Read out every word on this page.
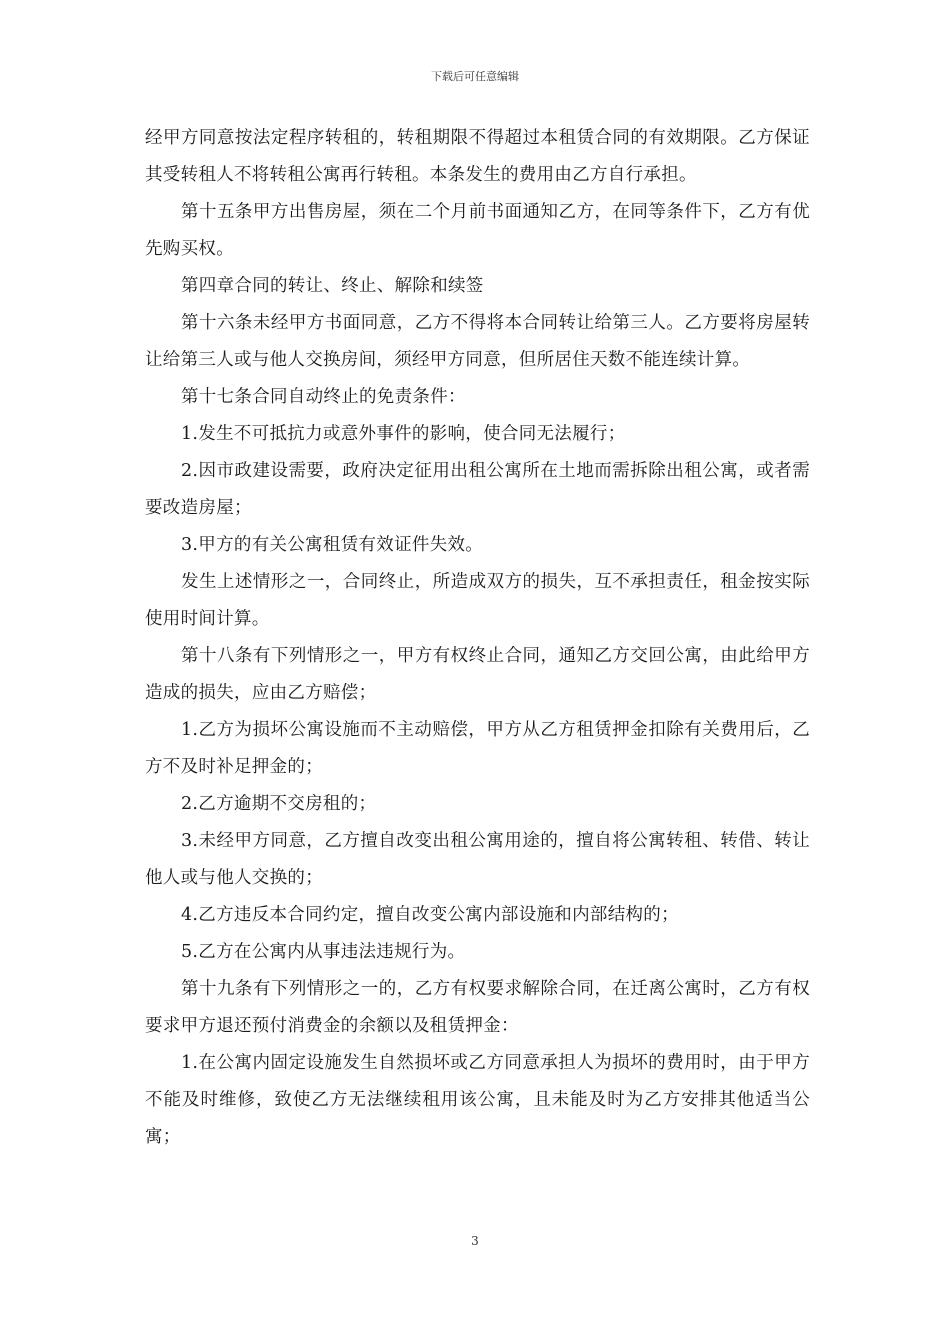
下载后可任意编辑

经甲方同意按法定程序转租的，转租期限不得超过本租赁合同的有效期限。乙方保证其受转租人不将转租公寓再行转租。本条发生的费用由乙方自行承担。

第十五条甲方出售房屋，须在二个月前书面通知乙方，在同等条件下，乙方有优先购买权。

第四章合同的转让、终止、解除和续签

第十六条未经甲方书面同意，乙方不得将本合同转让给第三人。乙方要将房屋转让给第三人或与他人交换房间，须经甲方同意，但所居住天数不能连续计算。

第十七条合同自动终止的免责条件：

1.发生不可抵抗力或意外事件的影响，使合同无法履行；

2.因市政建设需要，政府决定征用出租公寓所在土地而需拆除出租公寓，或者需要改造房屋；

3.甲方的有关公寓租赁有效证件失效。

发生上述情形之一，合同终止，所造成双方的损失，互不承担责任，租金按实际使用时间计算。

第十八条有下列情形之一，甲方有权终止合同，通知乙方交回公寓，由此给甲方造成的损失，应由乙方赔偿；

1.乙方为损坏公寓设施而不主动赔偿，甲方从乙方租赁押金扣除有关费用后，乙方不及时补足押金的；

2.乙方逾期不交房租的；

3.未经甲方同意，乙方擅自改变出租公寓用途的，擅自将公寓转租、转借、转让他人或与他人交换的；

4.乙方违反本合同约定，擅自改变公寓内部设施和内部结构的；

5.乙方在公寓内从事违法违规行为。

第十九条有下列情形之一的，乙方有权要求解除合同，在迁离公寓时，乙方有权要求甲方退还预付消费金的余额以及租赁押金：

1.在公寓内固定设施发生自然损坏或乙方同意承担人为损坏的费用时，由于甲方不能及时维修，致使乙方无法继续租用该公寓，且未能及时为乙方安排其他适当公寓；

3
